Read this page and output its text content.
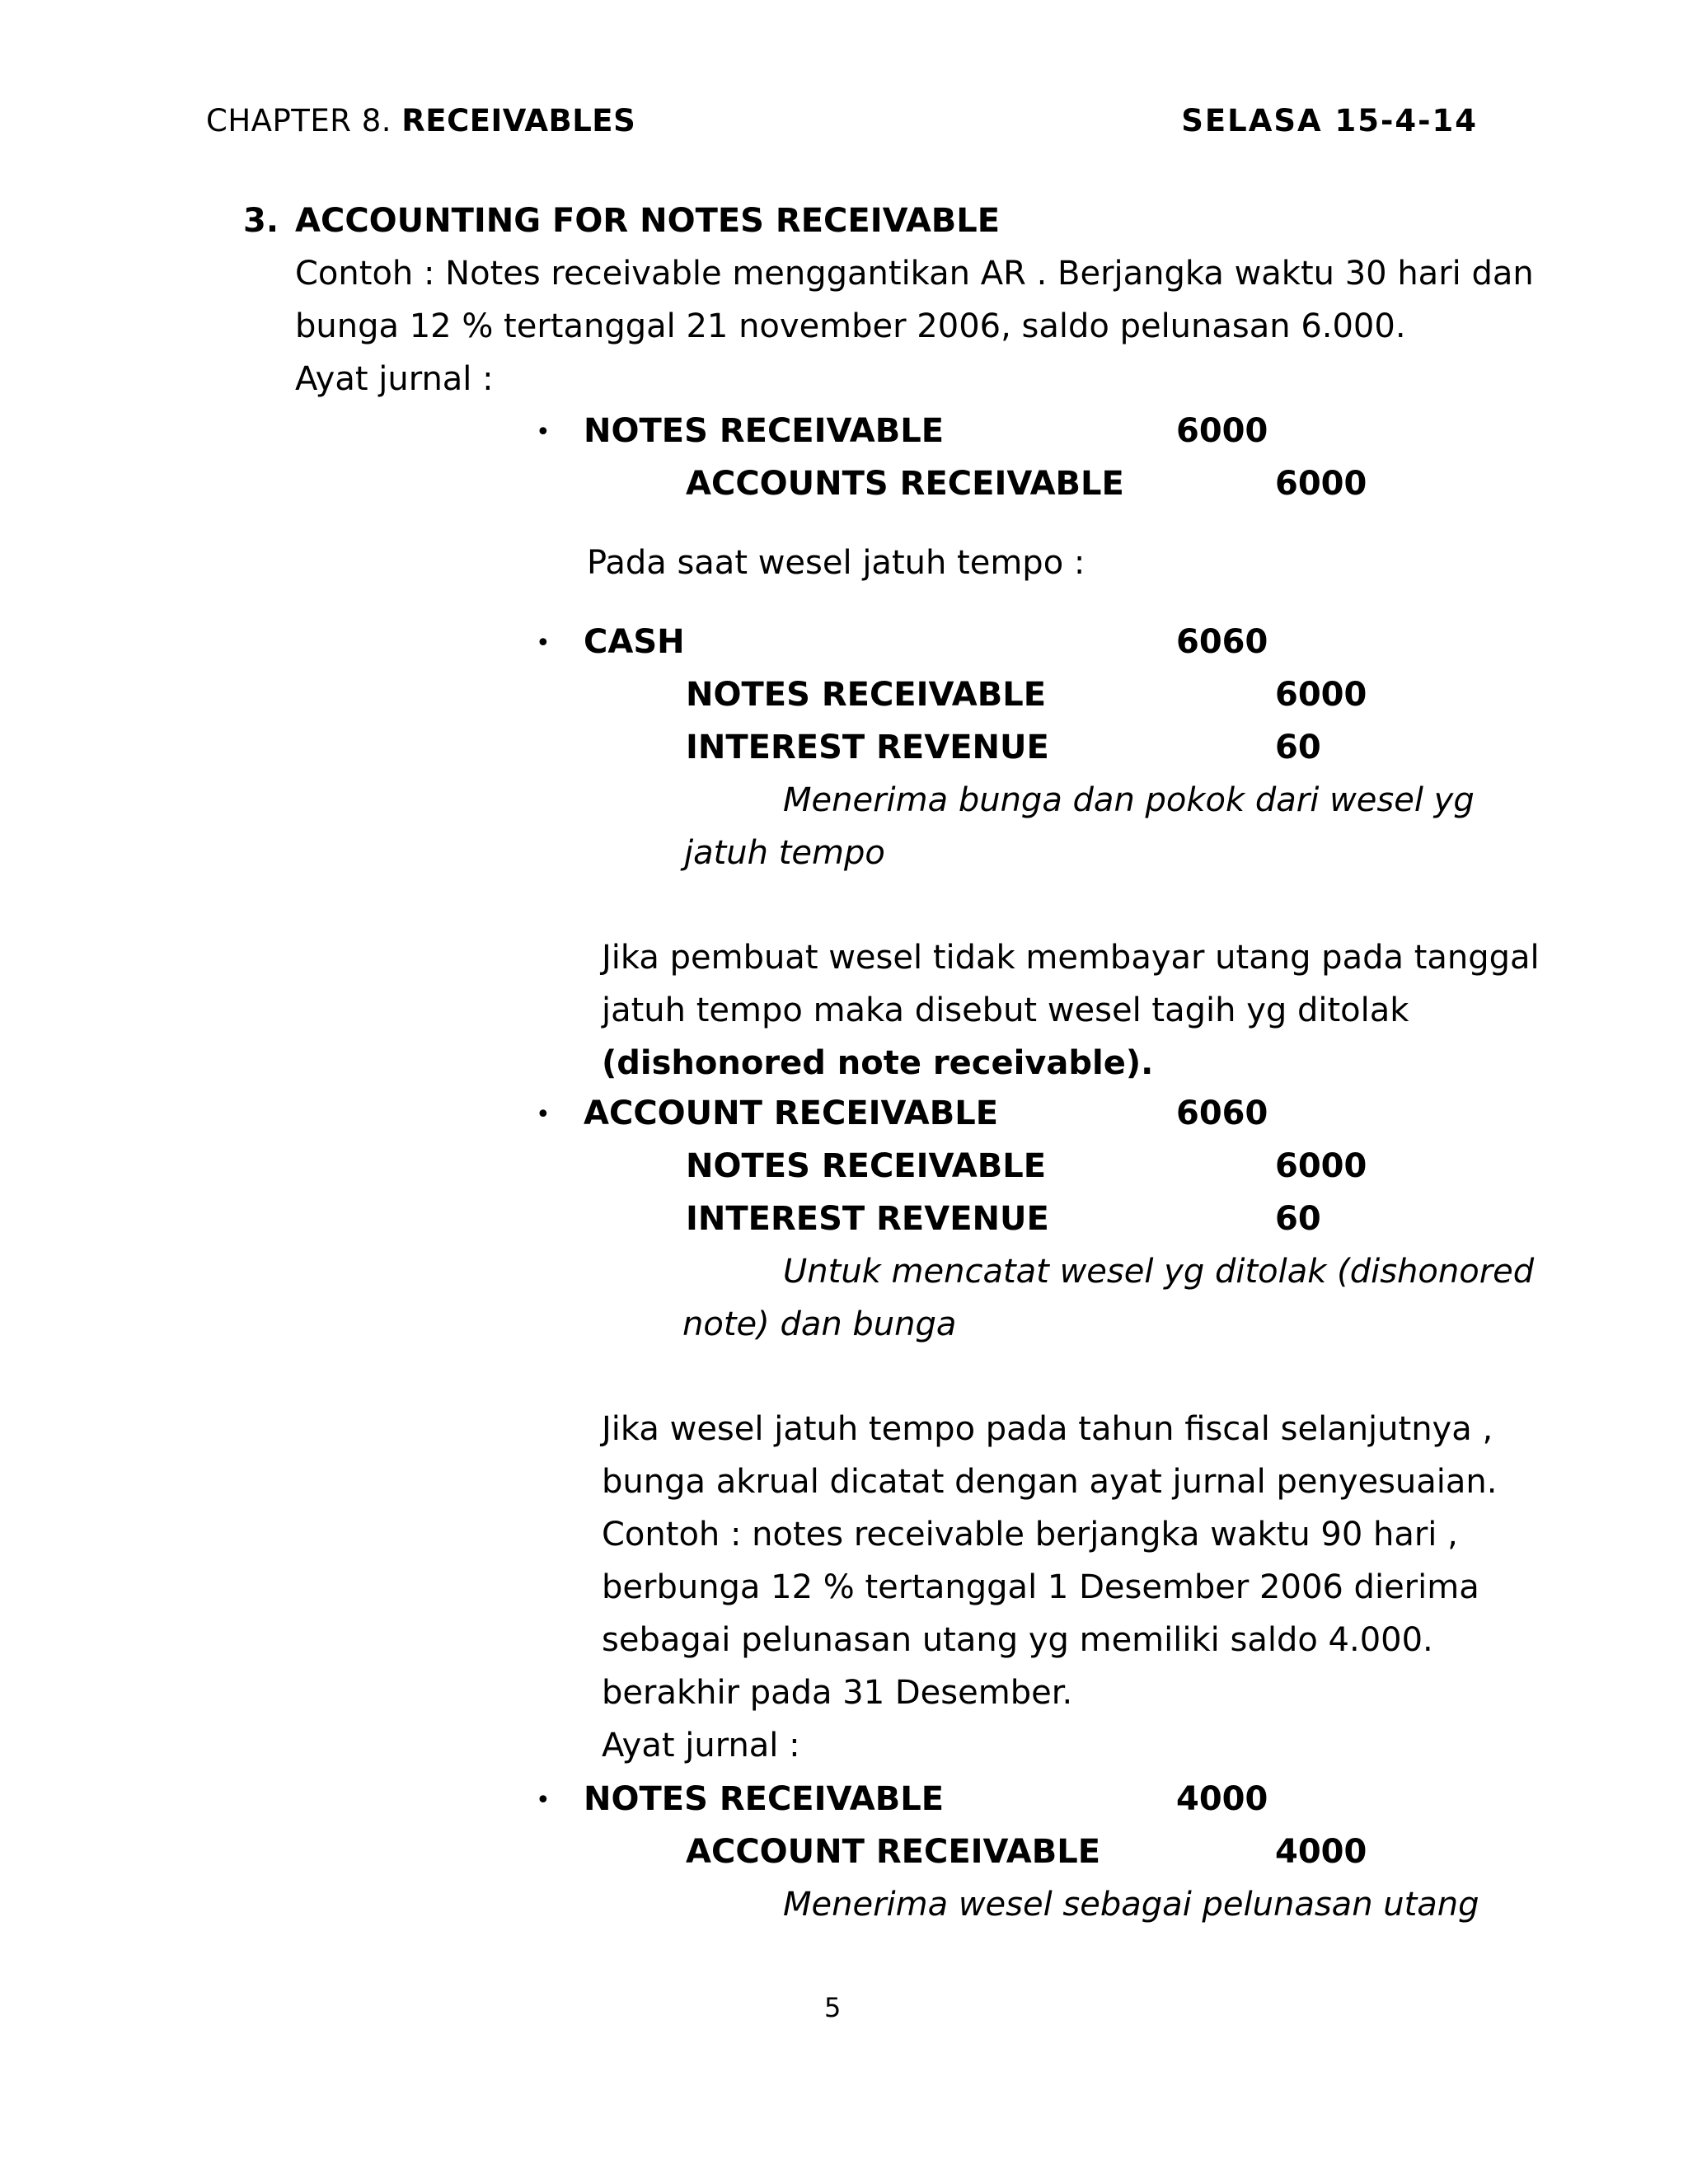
CHAPTER 8. RECEIVABLES	SELASA 15-4-14
3. ACCOUNTING FOR NOTES RECEIVABLE
Contoh : Notes receivable menggantikan AR . Berjangka waktu 30 hari dan
bunga 12 % tertanggal 21 november 2006, saldo pelunasan 6.000.
Ayat jurnal :
• NOTES RECEIVABLE	6000
ACCOUNTS RECEIVABLE	6000
Pada saat wesel jatuh tempo :
• CASH	6060
NOTES RECEIVABLE	6000
INTEREST REVENUE	60
Menerima bunga dan pokok dari wesel yg
jatuh tempo
Jika pembuat wesel tidak membayar utang pada tanggal
jatuh tempo maka disebut wesel tagih yg ditolak
(dishonored note receivable).
• ACCOUNT RECEIVABLE	6060
NOTES RECEIVABLE	6000
INTEREST REVENUE	60
Untuk mencatat wesel yg ditolak (dishonored
note) dan bunga
Jika wesel jatuh tempo pada tahun fiscal selanjutnya ,
bunga akrual dicatat dengan ayat jurnal penyesuaian.
Contoh : notes receivable berjangka waktu 90 hari ,
berbunga 12 % tertanggal 1 Desember 2006 dierima
sebagai pelunasan utang yg memiliki saldo 4.000.
berakhir pada 31 Desember.
Ayat jurnal :
• NOTES RECEIVABLE	4000
ACCOUNT RECEIVABLE	4000
Menerima wesel sebagai pelunasan utang
5
